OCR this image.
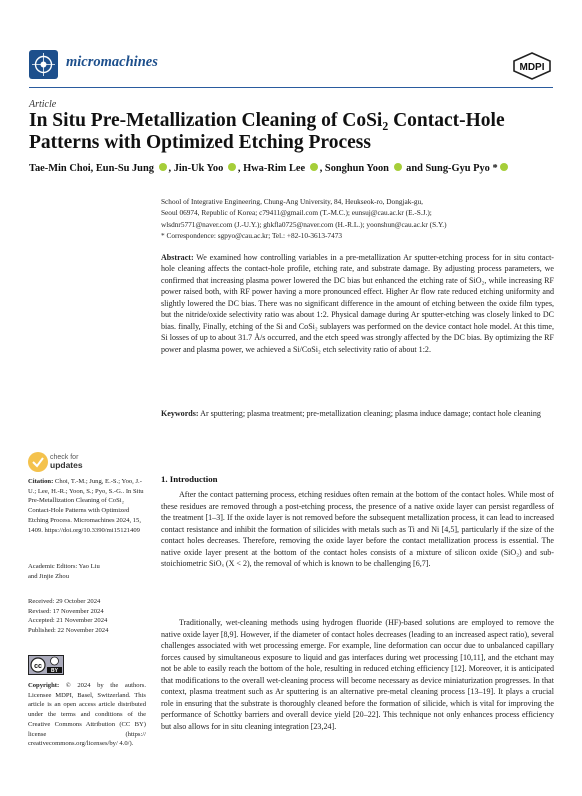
micromachines	MDPI
Article
In Situ Pre-Metallization Cleaning of CoSi₂ Contact-Hole Patterns with Optimized Etching Process
Tae-Min Choi, Eun-Su Jung , Jin-Uk Yoo , Hwa-Rim Lee , Songhun Yoon  and Sung-Gyu Pyo *
School of Integrative Engineering, Chung-Ang University, 84, Heukseok-ro, Dongjak-gu,
Seoul 06974, Republic of Korea; c79411@gmail.com (T.-M.C.); eunsuj@cau.ac.kr (E.-S.J.);
wlsdnr5771@naver.com (J.-U.Y.); ghkfla0725@naver.com (H.-R.L.); yoonshun@cau.ac.kr (S.Y.)
* Correspondence: sgpyo@cau.ac.kr; Tel.: +82-10-3613-7473
Abstract: We examined how controlling variables in a pre-metallization Ar sputter-etching process for in situ contact-hole cleaning affects the contact-hole profile, etching rate, and substrate damage. By adjusting process parameters, we confirmed that increasing plasma power lowered the DC bias but enhanced the etching rate of SiO₂, while increasing RF power raised both, with RF power having a more pronounced effect. Higher Ar flow rate reduced etching uniformity and slightly lowered the DC bias. There was no significant difference in the amount of etching between the oxide film types, but the nitride/oxide selectivity ratio was about 1:2. Physical damage during Ar sputter-etching was closely linked to DC bias. finally, Finally, etching of the Si and CoSi₂ sublayers was performed on the device contact hole model. At this time, Si losses of up to about 31.7 Å/s occurred, and the etch speed was strongly affected by the DC bias. By optimizing the RF power and plasma power, we achieved a Si/CoSi₂ etch selectivity ratio of about 1:2.
Keywords: Ar sputtering; plasma treatment; pre-metallization cleaning; plasma induce damage; contact hole cleaning
check for
updates
Citation: Choi, T.-M.; Jung, E.-S.; Yoo, J.-U.; Lee, H.-R.; Yoon, S.; Pyo, S.-G.. In Situ Pre-Metallization Cleaning of CoSi₂ Contact-Hole Patterns with Optimized Etching Process. Micromachines 2024, 15, 1409. https://doi.org/10.3390/mi15121409
Academic Editors: Yao Liu
and Jinjie Zhou
Received: 29 October 2024
Revised: 17 November 2024
Accepted: 21 November 2024
Published: 22 November 2024
cc
BY
Copyright: © 2024 by the authors. Licensee MDPI, Basel, Switzerland. This article is an open access article distributed under the terms and conditions of the Creative Commons Attribution (CC BY) license (https:// creativecommons.org/licenses/by/ 4.0/).
1. Introduction
After the contact patterning process, etching residues often remain at the bottom of the contact holes. While most of these residues are removed through a post-etching process, the presence of a native oxide layer can persist regardless of the treatment [1–3]. If the oxide layer is not removed before the subsequent metallization process, it can lead to increased contact resistance and inhibit the formation of silicides with metals such as Ti and Ni [4,5], particularly if the size of the contact holes decreases. Therefore, removing the oxide layer before the contact metallization process is essential. The native oxide layer present at the bottom of the contact holes consists of a mixture of silicon oxide (SiO₂) and sub-stoichiometric SiOₓ (X < 2), the removal of which is known to be challenging [6,7].
Traditionally, wet-cleaning methods using hydrogen fluoride (HF)-based solutions are employed to remove the native oxide layer [8,9]. However, if the diameter of contact holes decreases (leading to an increased aspect ratio), several challenges associated with wet processing emerge. For example, line deformation can occur due to unbalanced capillary forces caused by simultaneous exposure to liquid and gas interfaces during wet processing [10,11], and the etchant may not be able to easily reach the bottom of the hole, resulting in reduced etching efficiency [12]. Moreover, it is anticipated that modifications to the overall wet-cleaning process will become necessary as device miniaturization progresses. In that context, plasma treatment such as Ar sputtering is an alternative pre-metal cleaning process [13–19]. It plays a crucial role in ensuring that the substrate is thoroughly cleaned before the formation of silicide, which is vital for improving the performance of Schottky barriers and overall device yield [20–22]. This technique not only enhances process efficiency but also allows for in situ cleaning integration [23,24].
